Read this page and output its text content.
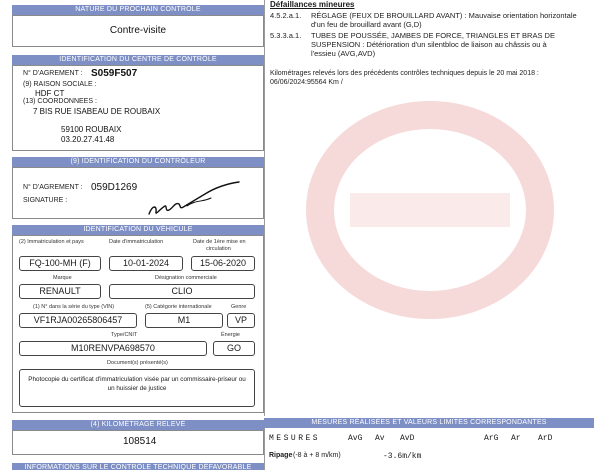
NATURE DU PROCHAIN CONTRÔLE
Contre-visite
IDENTIFICATION DU CENTRE DE CONTRÔLE
N° D'AGREMENT : S059F507
(9) RAISON SOCIALE :
HDF CT
(13) COORDONNEES :
7 BIS RUE ISABEAU DE ROUBAIX
59100 ROUBAIX
03.20.27.41.48
(9) IDENTIFICATION DU CONTRÔLEUR
N° D'AGREMENT : 059D1269
SIGNATURE :
IDENTIFICATION DU VÉHICULE
(2) Immatriculation et pays	Date d'immatriculation	Date de 1ère mise en
circulation
FQ-100-MH (F)	10-01-2024	15-06-2020
Marque	Désignation commerciale
RENAULT	CLIO
(1) N° dans la série du type (VIN)	(5) Catégorie internationale	Genre
VF1RJA00265806457	M1	VP
Type/CNIT	Énergie
M10RENVPA698570	GO
Document(s) présenté(s)
Photocopie du certificat d'immatriculation visée par un commissaire-priseur ou
un huissier de justice
(4) KILOMÉTRAGE RELEVÉ
108514
INFORMATIONS SUR LE CONTRÔLE TECHNIQUE DÉFAVORABLE
Défaillances mineures
4.5.2.a.1. RÉGLAGE (FEUX DE BROUILLARD AVANT) : Mauvaise orientation horizontale
d'un feu de brouillard avant (G,D)
5.3.3.a.1. TUBES DE POUSSÉE, JAMBES DE FORCE, TRIANGLES ET BRAS DE
SUSPENSION : Détérioration d'un silentbloc de liaison au châssis ou à
l'essieu (AVG,AVD)
Kilométrages relevés lors des précédents contrôles techniques depuis le 20 mai 2018 :
06/06/2024:95564 Km /
MESURES RÉALISÉES ET VALEURS LIMITES CORRESPONDANTES
MESURES	AvG Av AvD	ArG Ar ArD
Ripage (-8 à + 8 m/km)	-3.6m/km
